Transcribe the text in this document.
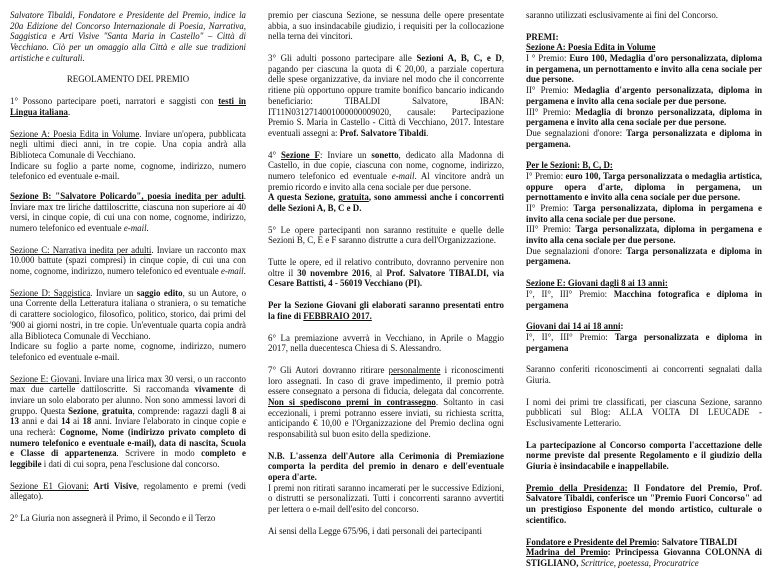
Salvatore Tibaldi, Fondatore e Presidente del Premio, indice la 20a Edizione del Concorso Internazionale di Poesia, Narrativa, Saggistica e Arti Visive "Santa Maria in Castello" – Città di Vecchiano. Ciò per un omaggio alla Città e alle sue tradizioni artistiche e culturali.

REGOLAMENTO DEL PREMIO

1° Possono partecipare poeti, narratori e saggisti con testi in Lingua italiana.

Sezione A: Poesia Edita in Volume. Inviare un'opera, pubblicata negli ultimi dieci anni, in tre copie. Una copia andrà alla Biblioteca Comunale di Vecchiano.
Indicare su foglio a parte nome, cognome, indirizzo, numero telefonico ed eventuale e-mail.

Sezione B: "Salvatore Policardo", poesia inedita per adulti. Inviare max tre liriche dattiloscritte, ciascuna non superiore ai 40 versi, in cinque copie, di cui una con nome, cognome, indirizzo, numero telefonico ed eventuale e-mail.

Sezione C: Narrativa inedita per adulti. Inviare un racconto max 10.000 battute (spazi compresi) in cinque copie, di cui una con nome, cognome, indirizzo, numero telefonico ed eventuale e-mail.

Sezione D: Saggistica. Inviare un saggio edito, su un Autore, o una Corrente della Letteratura italiana o straniera, o su tematiche di carattere sociologico, filosofico, politico, storico, dai primi del '900 ai giorni nostri, in tre copie. Un'eventuale quarta copia andrà alla Biblioteca Comunale di Vecchiano.
Indicare su foglio a parte nome, cognome, indirizzo, numero telefonico ed eventuale e-mail.

Sezione E: Giovani. Inviare una lirica max 30 versi, o un racconto max due cartelle dattiloscritte. Si raccomanda vivamente di inviare un solo elaborato per alunno. Non sono ammessi lavori di gruppo. Questa Sezione, gratuita, comprende: ragazzi dagli 8 ai 13 anni e dai 14 ai 18 anni. Inviare l'elaborato in cinque copie e una recherà: Cognome, Nome (indirizzo privato completo di numero telefonico e eventuale e-mail), data di nascita, Scuola e Classe di appartenenza. Scrivere in modo completo e leggibile i dati di cui sopra, pena l'esclusione dal concorso.

Sezione E1 Giovani: Arti Visive, regolamento e premi (vedi allegato).

2° La Giuria non assegnerà il Primo, il Secondo e il Terzo

premio per ciascuna Sezione, se nessuna delle opere presentate abbia, a suo insindacabile giudizio, i requisiti per la collocazione nella terna dei vincitori.

3° Gli adulti possono partecipare alle Sezioni A, B, C, e D, pagando per ciascuna la quota di € 20,00, a parziale copertura delle spese organizzative, da inviare nel modo che il concorrente ritiene più opportuno oppure tramite bonifico bancario indicando beneficiario: TIBALDI Salvatore, IBAN: IT11N0312714001000000009020, causale: Partecipazione Premio S. Maria in Castello - Città di Vecchiano, 2017. Intestare eventuali assegni a: Prof. Salvatore Tibaldi.

4° Sezione F: Inviare un sonetto, dedicato alla Madonna di Castello, in due copie, ciascuna con nome, cognome, indirizzo, numero telefonico ed eventuale e-mail. Al vincitore andrà un premio ricordo e invito alla cena sociale per due persone.
A questa Sezione, gratuita, sono ammessi anche i concorrenti delle Sezioni A, B, C e D.

5° Le opere partecipanti non saranno restituite e quelle delle Sezioni B, C, E e F saranno distrutte a cura dell'Organizzazione.

Tutte le opere, ed il relativo contributo, dovranno pervenire non oltre il 30 novembre 2016, al Prof. Salvatore TIBALDI, via Cesare Battisti, 4 - 56019 Vecchiano (PI).

Per la Sezione Giovani gli elaborati saranno presentati entro la fine di FEBBRAIO 2017.

6° La premiazione avverrà in Vecchiano, in Aprile o Maggio 2017, nella duecentesca Chiesa di S. Alessandro.

7° Gli Autori dovranno ritirare personalmente i riconoscimenti loro assegnati. In caso di grave impedimento, il premio potrà essere consegnato a persona di fiducia, delegata dal concorrente. Non si spediscono premi in contrassegno. Soltanto in casi eccezionali, i premi potranno essere inviati, su richiesta scritta, anticipando € 10,00 e l'Organizzazione del Premio declina ogni responsabilità sul buon esito della spedizione.

N.B. L'assenza dell'Autore alla Cerimonia di Premiazione comporta la perdita del premio in denaro e dell'eventuale opera d'arte.
I premi non ritirati saranno incamerati per le successive Edizioni, o distrutti se personalizzati. Tutti i concorrenti saranno avvertiti per lettera o e-mail dell'esito del concorso.

Ai sensi della Legge 675/96, i dati personali dei partecipanti

saranno utilizzati esclusivamente ai fini del Concorso.

PREMI:
Sezione A: Poesia Edita in Volume
I ° Premio: Euro 100, Medaglia d'oro personalizzata, diploma in pergamena, un pernottamento e invito alla cena sociale per due persone.
II° Premio: Medaglia d'argento personalizzata, diploma in pergamena e invito alla cena sociale per due persone.
III° Premio: Medaglia di bronzo personalizzata, diploma in pergamena e invito alla cena sociale per due persone.
Due segnalazioni d'onore: Targa personalizzata e diploma in pergamena.

Per le Sezioni: B, C, D:
I° Premio: euro 100, Targa personalizzata o medaglia artistica, oppure opera d'arte, diploma in pergamena, un pernottamento e invito alla cena sociale per due persone.
II° Premio: Targa personalizzata, diploma in pergamena e invito alla cena sociale per due persone.
III° Premio: Targa personalizzata, diploma in pergamena e invito alla cena sociale per due persone.
Due segnalazioni d'onore: Targa personalizzata e diploma in pergamena.

Sezione E: Giovani dagli 8 ai 13 anni:
I°, II°, III° Premio: Macchina fotografica e diploma in pergamena

Giovani dai 14 ai 18 anni:
I°, II°, III° Premio: Targa personalizzata e diploma in pergamena

Saranno conferiti riconoscimenti ai concorrenti segnalati dalla Giuria.

I nomi dei primi tre classificati, per ciascuna Sezione, saranno pubblicati sul Blog: ALLA VOLTA DI LEUCADE - Esclusivamente Letterario.

La partecipazione al Concorso comporta l'accettazione delle norme previste dal presente Regolamento e il giudizio della Giuria è insindacabile e inappellabile.

Premio della Presidenza: Il Fondatore del Premio, Prof. Salvatore Tibaldi, conferisce un "Premio Fuori Concorso" ad un prestigioso Esponente del mondo artistico, culturale o scientifico.

Fondatore e Presidente del Premio: Salvatore TIBALDI

Madrina del Premio: Principessa Giovanna COLONNA di STIGLIANO, Scrittrice, poetessa, Procuratrice
